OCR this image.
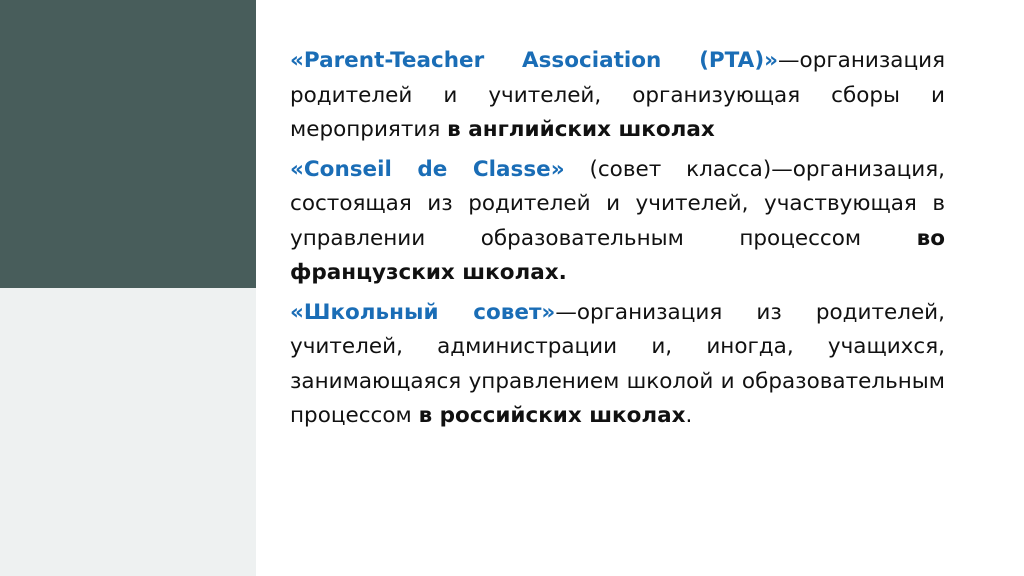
«Parent-Teacher Association (PTA)»—организация родителей и учителей, организующая сборы и мероприятия в английских школах

«Conseil de Classe» (совет класса)—организация, состоящая из родителей и учителей, участвующая в управлении образовательным процессом во французских школах.

«Школьный совет»—организация из родителей, учителей, администрации и, иногда, учащихся, занимающаяся управлением школой и образовательным процессом в российских школах.
